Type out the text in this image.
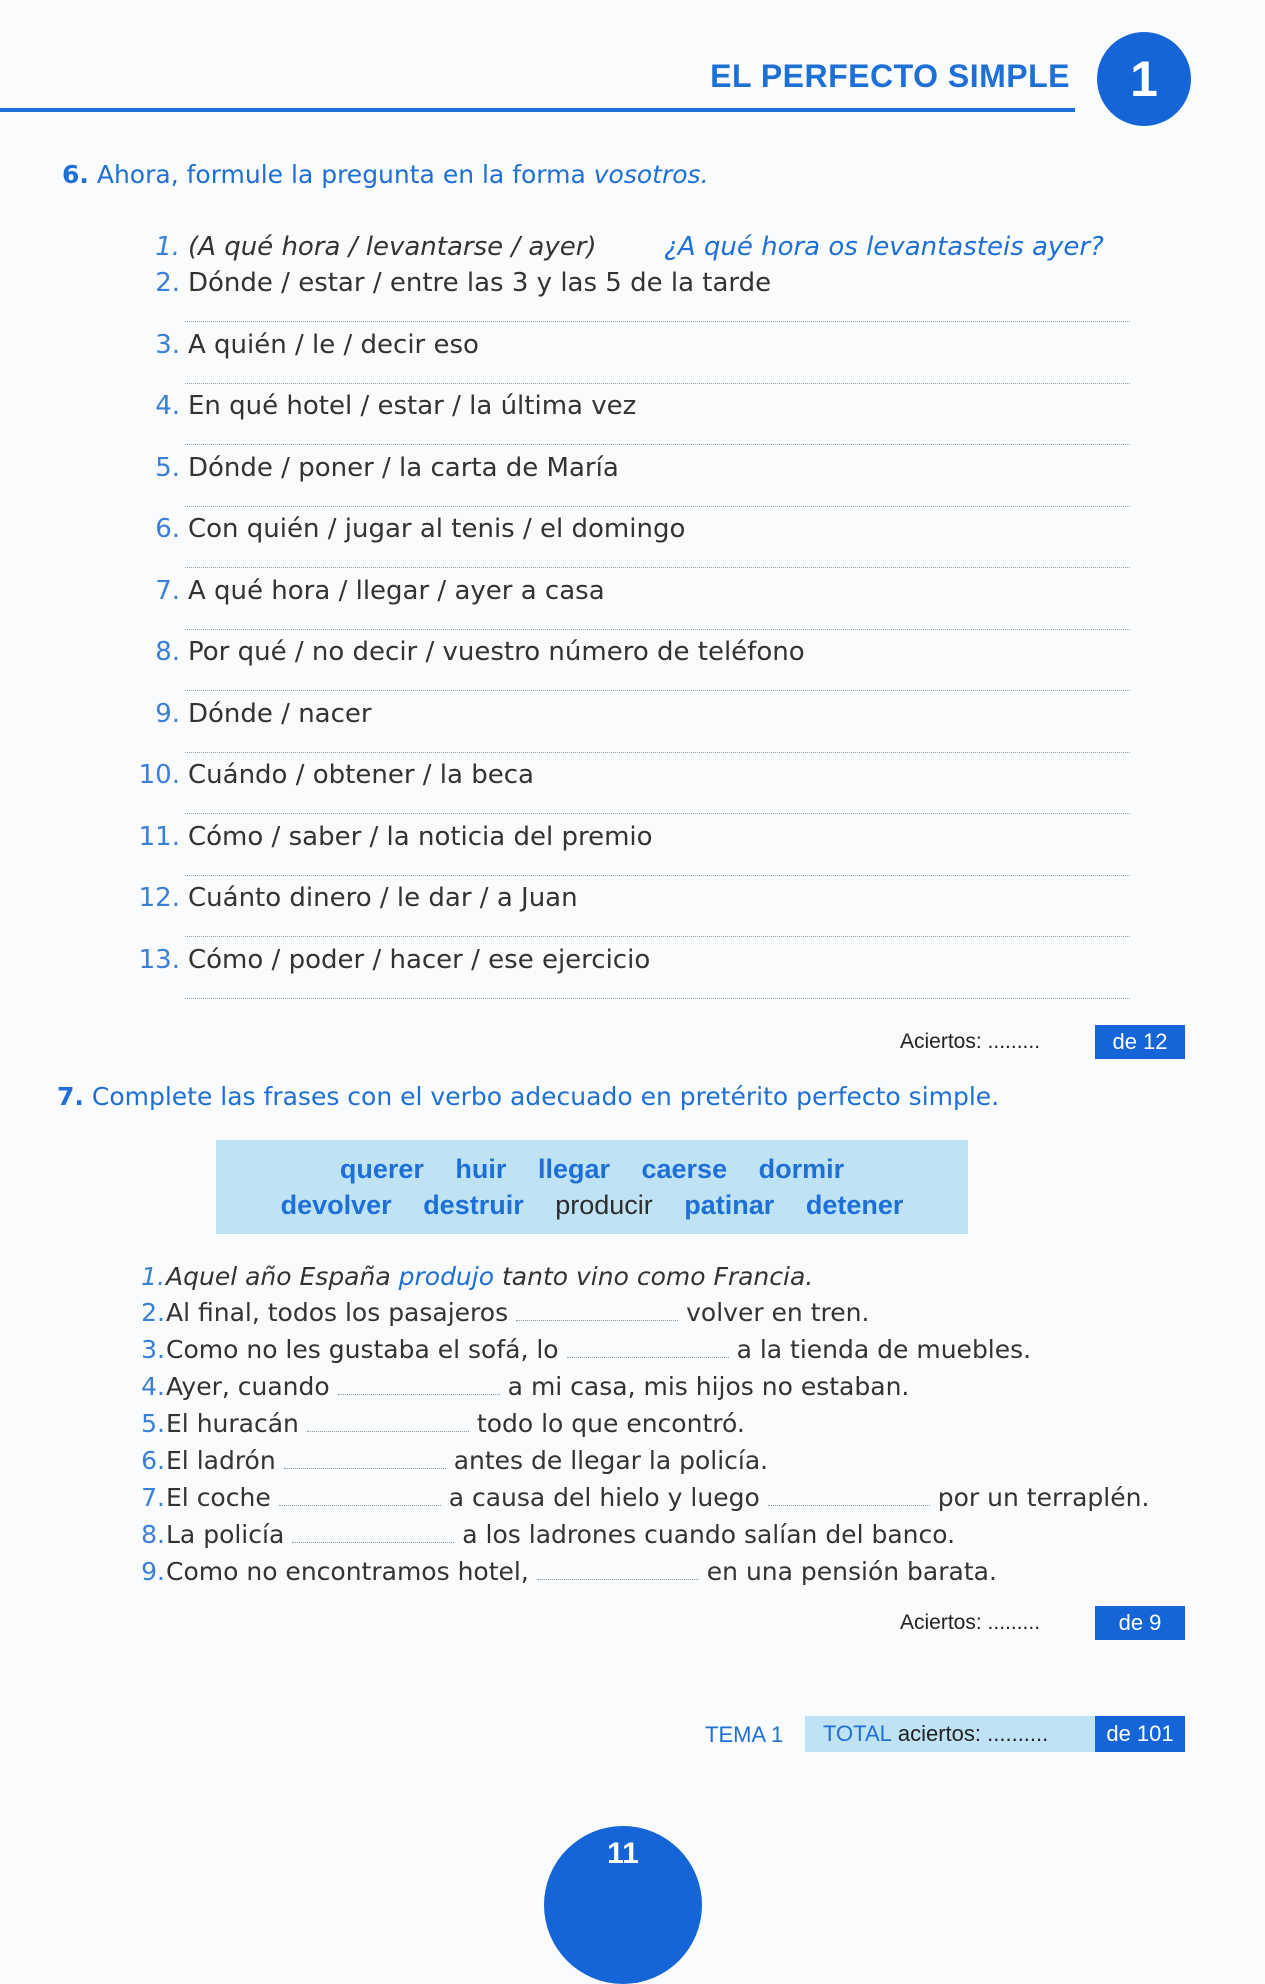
EL PERFECTO SIMPLE	1
6. Ahora, formule la pregunta en la forma vosotros.
1. (A qué hora / levantarse / ayer)	¿A qué hora os levantasteis ayer?
2. Dónde / estar / entre las 3 y las 5 de la tarde
3. A quién / le / decir eso
4. En qué hotel / estar / la última vez
5. Dónde / poner / la carta de María
6. Con quién / jugar al tenis / el domingo
7. A qué hora / llegar / ayer a casa
8. Por qué / no decir / vuestro número de teléfono
9. Dónde / nacer
10. Cuándo / obtener / la beca
11. Cómo / saber / la noticia del premio
12. Cuánto dinero / le dar / a Juan
13. Cómo / poder / hacer / ese ejercicio
Aciertos: .........	de 12
7. Complete las frases con el verbo adecuado en pretérito perfecto simple.
querer huir llegar caerse dormir
devolver destruir producir patinar detener
1. Aquel año España
produjo
tanto vino como Francia.
2. Al final, todos los pasajeros	volver en tren.
3. Como no les gustaba el sofá, lo	a la tienda de muebles.
4. Ayer, cuando	a mi casa, mis hijos no estaban.
5. El huracán	todo lo que encontró.
6. El ladrón	antes de llegar la policía.
7. El coche	a causa del hielo y luego	por un terraplén.
8. La policía	a los ladrones cuando salían del banco.
9. Como no encontramos hotel,	en una pensión barata.
Aciertos: .........	de 9
TEMA 1 TOTAL aciertos: ..........	de 101
11
